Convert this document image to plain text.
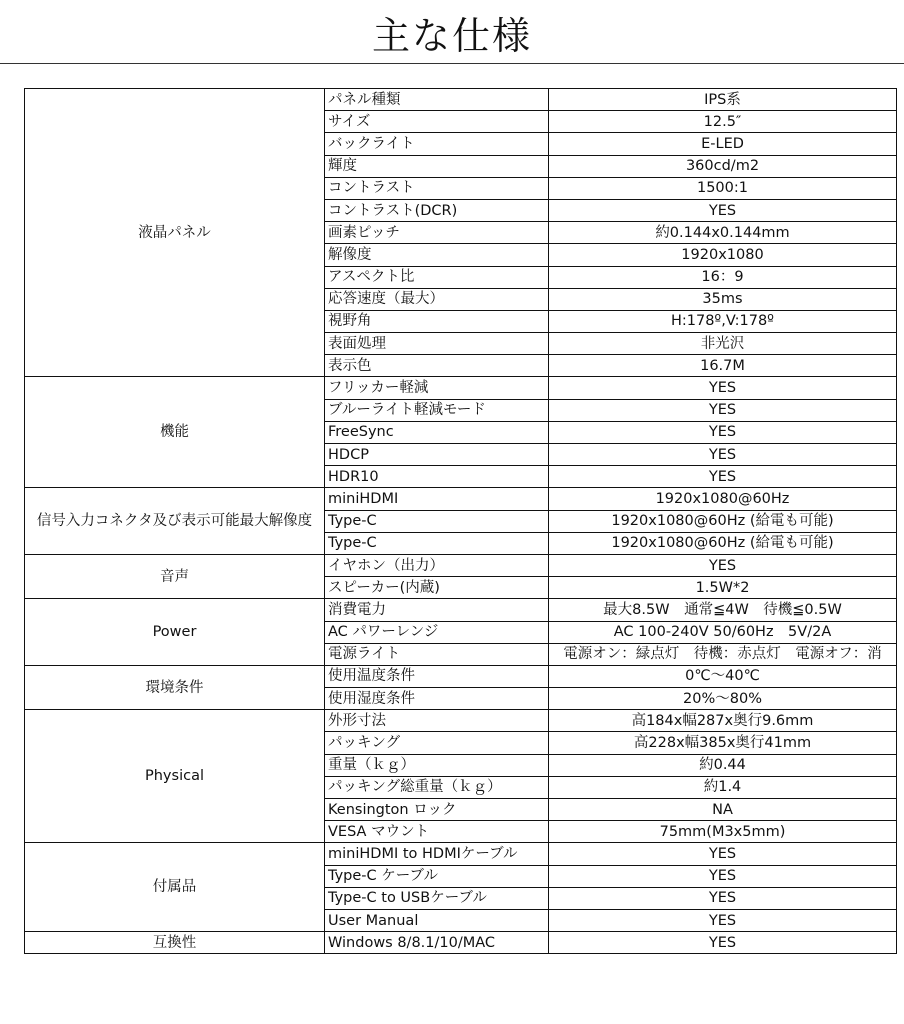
主な仕様
液晶パネル	パネル種類	IPS系
	サイズ	12.5″
	バックライト	E-LED
	輝度	360cd/m2
	コントラスト	1500:1
	コントラスト(DCR)	YES
	画素ピッチ	約0.144x0.144mm
	解像度	1920x1080
	アスペクト比	16：9
	応答速度（最大）	35ms
	視野角	H:178º,V:178º
	表面処理	非光沢
	表示色	16.7M
機能	フリッカー軽減	YES
	ブルーライト軽減モード	YES
	FreeSync	YES
	HDCP	YES
	HDR10	YES
信号入力コネクタ及び表示可能最大解像度	miniHDMI	1920x1080@60Hz
	Type-C	1920x1080@60Hz (給電も可能)
	Type-C	1920x1080@60Hz (給電も可能)
音声	イヤホン（出力）	YES
	スピーカー(内蔵)	1.5W*2
Power	消費電力	最大8.5W　通常≦4W　待機≦0.5W
	AC パワーレンジ	AC 100-240V 50/60Hz　5V/2A
	電源ライト	電源オン：緑点灯　待機：赤点灯　電源オフ：消
環境条件	使用温度条件	0℃～40℃
	使用湿度条件	20%～80%
Physical	外形寸法	高184x幅287x奥行9.6mm
	パッキング	高228x幅385x奥行41mm
	重量（ｋｇ）	約0.44
	パッキング総重量（ｋｇ）	約1.4
	Kensington ロック	NA
	VESA マウント	75mm(M3x5mm)
付属品	miniHDMI to HDMIケーブル	YES
	Type-C ケーブル	YES
	Type-C to USBケーブル	YES
	User Manual	YES
互換性	Windows 8/8.1/10/MAC	YES
